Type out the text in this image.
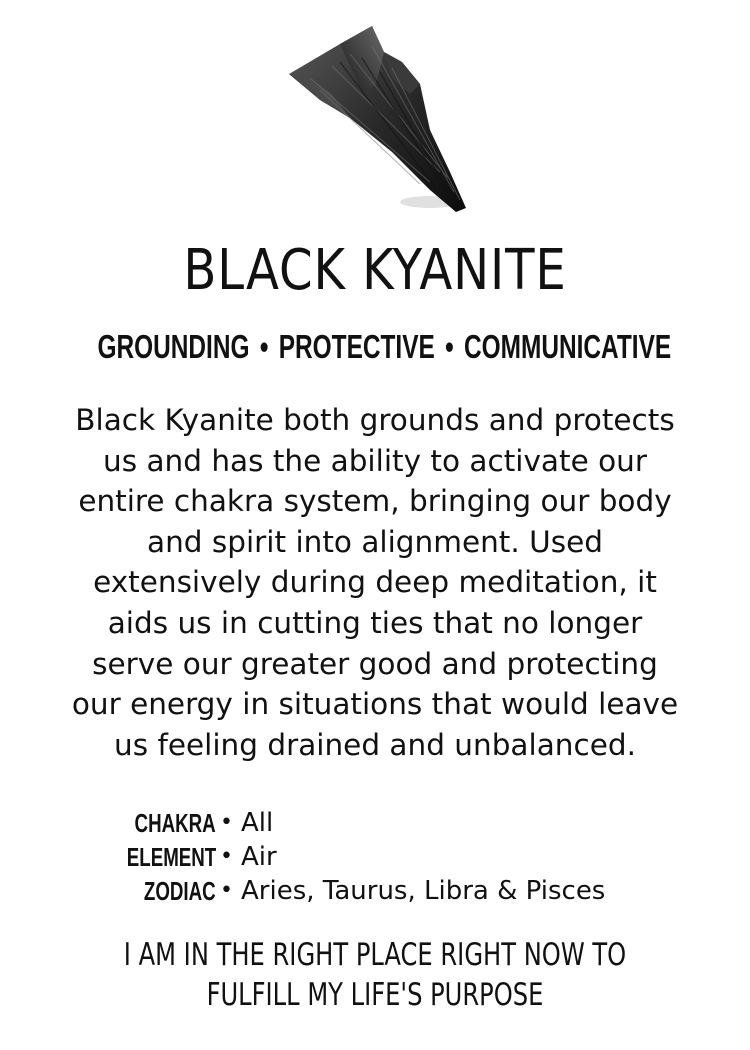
BLACK KYANITE
GROUNDING • PROTECTIVE • COMMUNICATIVE
Black Kyanite both grounds and protects
us and has the ability to activate our
entire chakra system, bringing our body
and spirit into alignment. Used
extensively during deep meditation, it
aids us in cutting ties that no longer
serve our greater good and protecting
our energy in situations that would leave
us feeling drained and unbalanced.
CHAKRA • All
ELEMENT • Air
ZODIAC • Aries, Taurus, Libra & Pisces
I AM IN THE RIGHT PLACE RIGHT NOW TO
FULFILL MY LIFE'S PURPOSE
